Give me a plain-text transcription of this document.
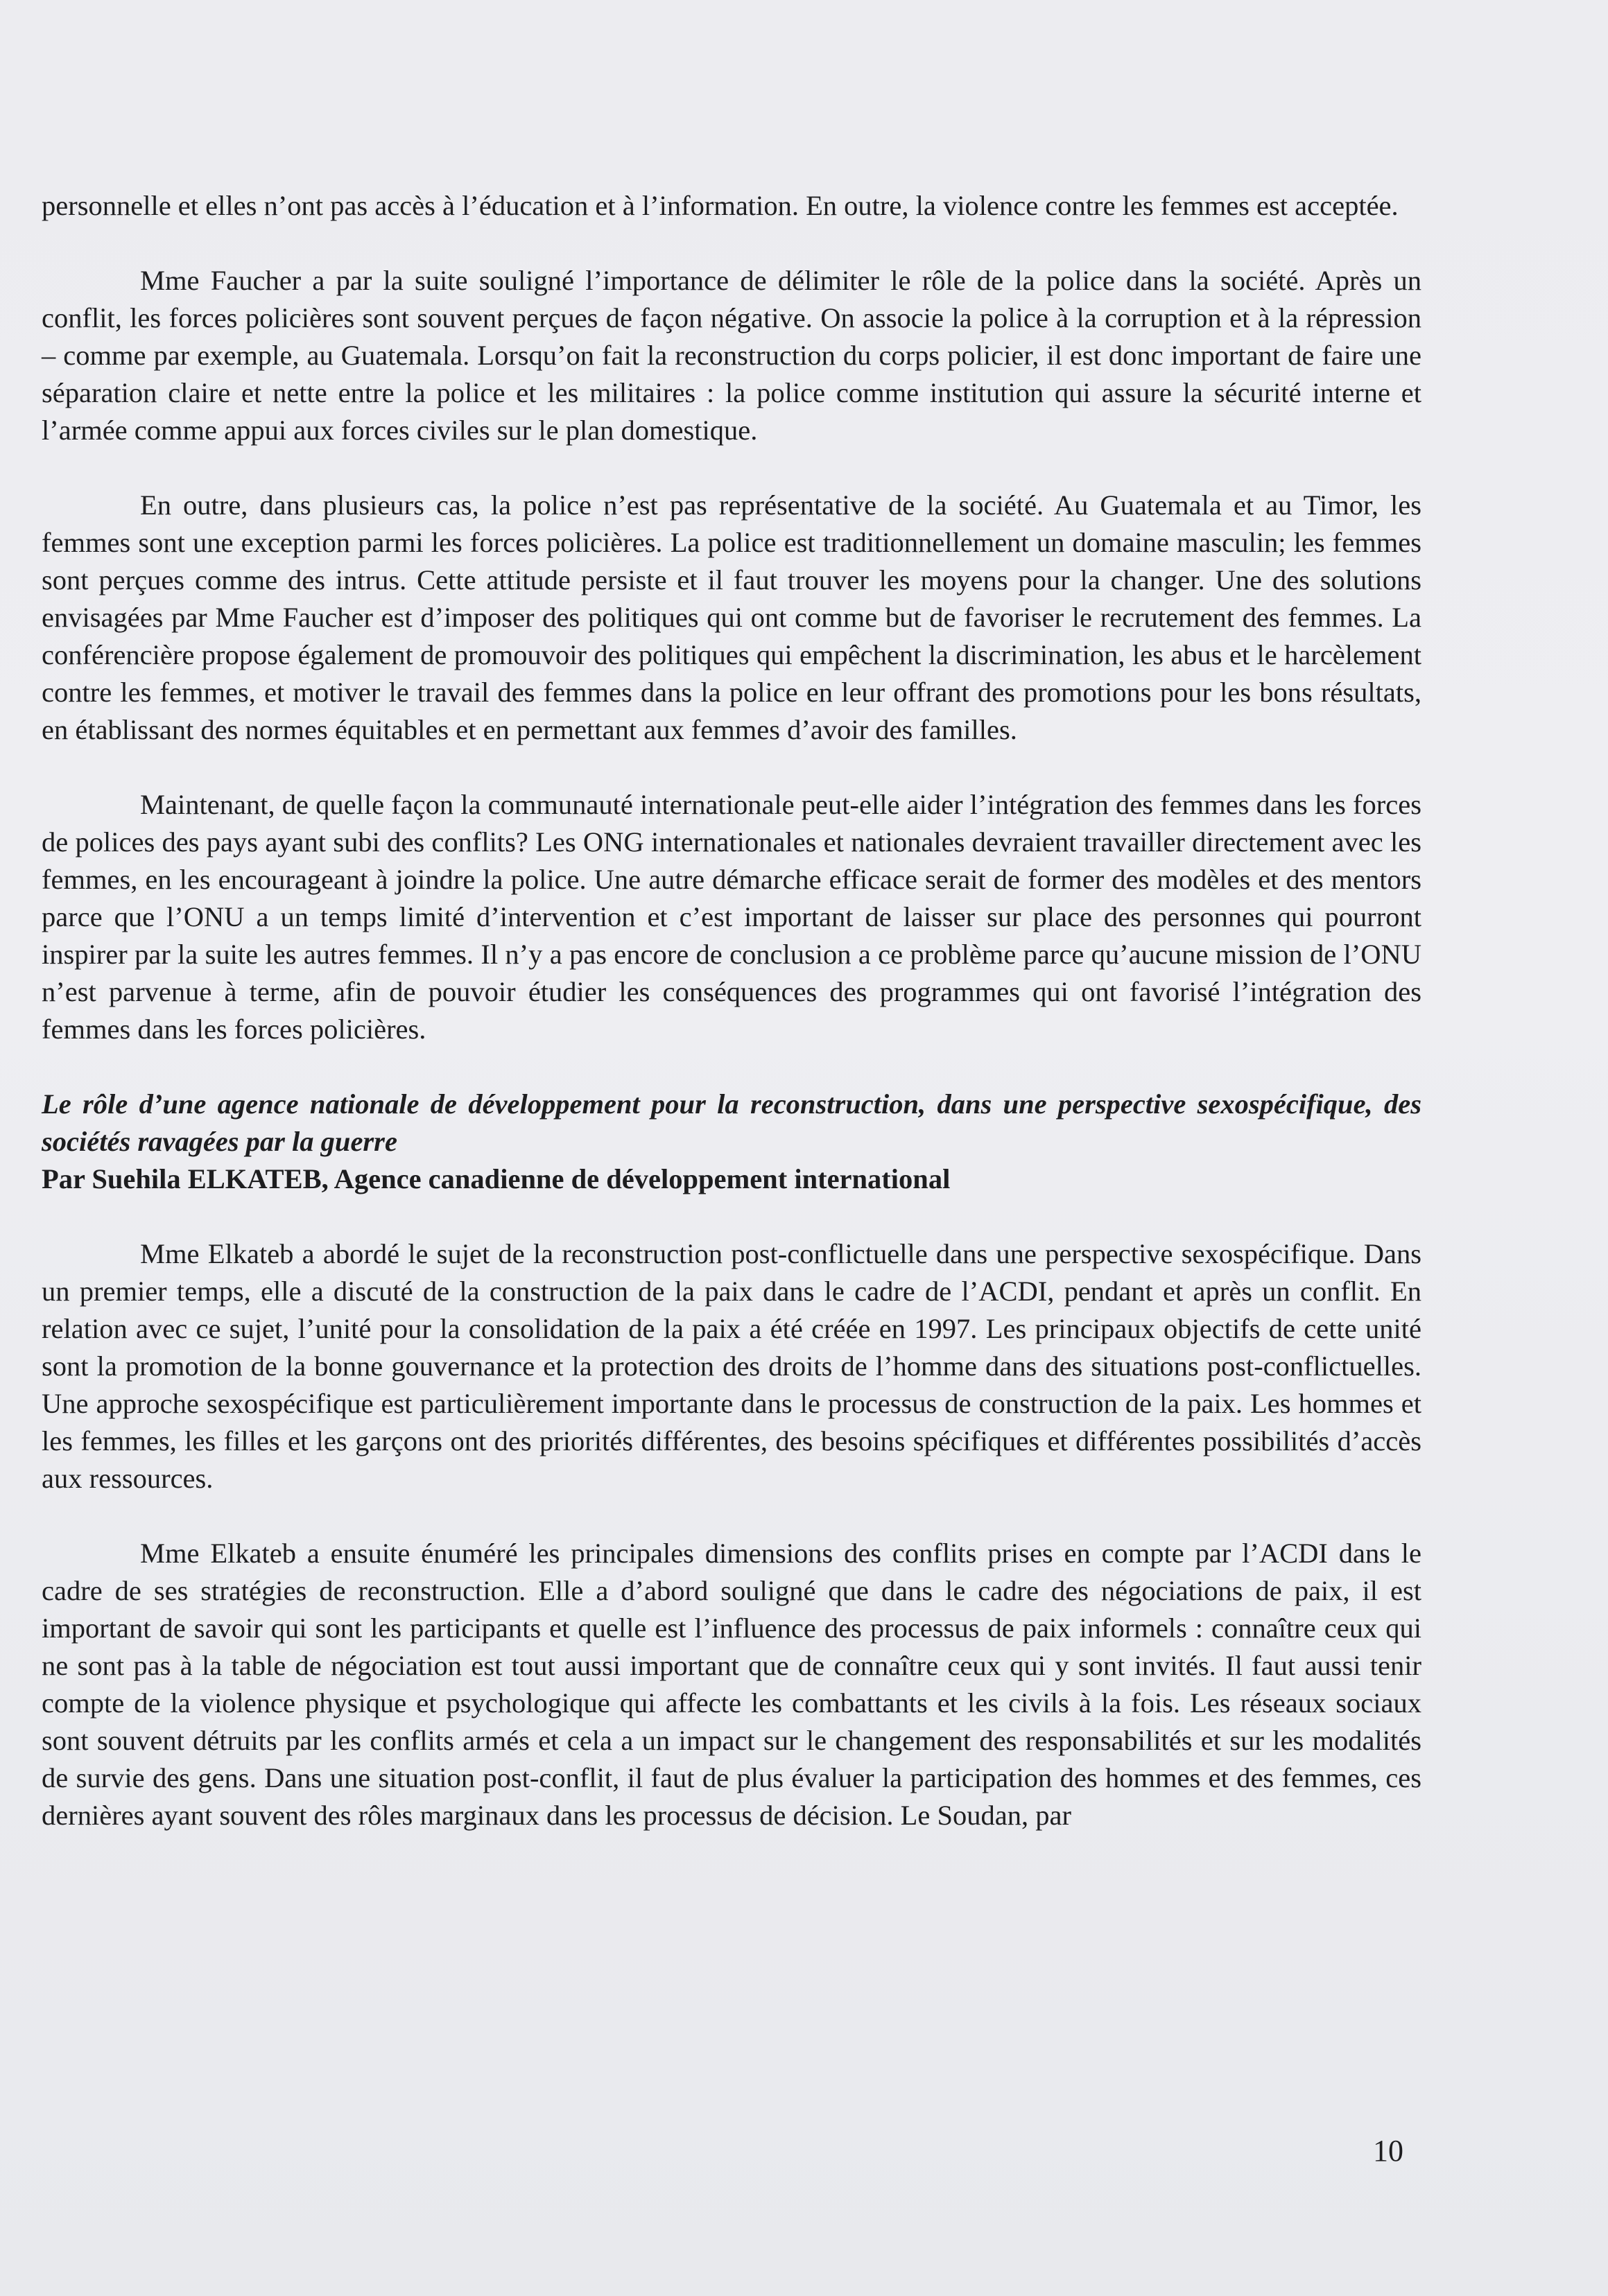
personnelle et elles n’ont pas accès à l’éducation et à l’information. En outre, la violence contre les femmes est acceptée.

Mme Faucher a par la suite souligné l’importance de délimiter le rôle de la police dans la société. Après un conflit, les forces policières sont souvent perçues de façon négative. On associe la police à la corruption et à la répression – comme par exemple, au Guatemala. Lorsqu’on fait la reconstruction du corps policier, il est donc important de faire une séparation claire et nette entre la police et les militaires : la police comme institution qui assure la sécurité interne et l’armée comme appui aux forces civiles sur le plan domestique.

En outre, dans plusieurs cas, la police n’est pas représentative de la société. Au Guatemala et au Timor, les femmes sont une exception parmi les forces policières. La police est traditionnellement un domaine masculin; les femmes sont perçues comme des intrus. Cette attitude persiste et il faut trouver les moyens pour la changer. Une des solutions envisagées par Mme Faucher est d’imposer des politiques qui ont comme but de favoriser le recrutement des femmes. La conférencière propose également de promouvoir des politiques qui empêchent la discrimination, les abus et le harcèlement contre les femmes, et motiver le travail des femmes dans la police en leur offrant des promotions pour les bons résultats, en établissant des normes équitables et en permettant aux femmes d’avoir des familles.

Maintenant, de quelle façon la communauté internationale peut-elle aider l’intégration des femmes dans les forces de polices des pays ayant subi des conflits? Les ONG internationales et nationales devraient travailler directement avec les femmes, en les encourageant à joindre la police. Une autre démarche efficace serait de former des modèles et des mentors parce que l’ONU a un temps limité d’intervention et c’est important de laisser sur place des personnes qui pourront inspirer par la suite les autres femmes. Il n’y a pas encore de conclusion a ce problème parce qu’aucune mission de l’ONU n’est parvenue à terme, afin de pouvoir étudier les conséquences des programmes qui ont favorisé l’intégration des femmes dans les forces policières.

Le rôle d’une agence nationale de développement pour la reconstruction, dans une perspective sexospécifique, des sociétés ravagées par la guerre

Par Suehila ELKATEB, Agence canadienne de développement international

Mme Elkateb a abordé le sujet de la reconstruction post-conflictuelle dans une perspective sexospécifique. Dans un premier temps, elle a discuté de la construction de la paix dans le cadre de l’ACDI, pendant et après un conflit. En relation avec ce sujet, l’unité pour la consolidation de la paix a été créée en 1997. Les principaux objectifs de cette unité sont la promotion de la bonne gouvernance et la protection des droits de l’homme dans des situations post-conflictuelles. Une approche sexospécifique est particulièrement importante dans le processus de construction de la paix. Les hommes et les femmes, les filles et les garçons ont des priorités différentes, des besoins spécifiques et différentes possibilités d’accès aux ressources.

Mme Elkateb a ensuite énuméré les principales dimensions des conflits prises en compte par l’ACDI dans le cadre de ses stratégies de reconstruction. Elle a d’abord souligné que dans le cadre des négociations de paix, il est important de savoir qui sont les participants et quelle est l’influence des processus de paix informels : connaître ceux qui ne sont pas à la table de négociation est tout aussi important que de connaître ceux qui y sont invités. Il faut aussi tenir compte de la violence physique et psychologique qui affecte les combattants et les civils à la fois. Les réseaux sociaux sont souvent détruits par les conflits armés et cela a un impact sur le changement des responsabilités et sur les modalités de survie des gens. Dans une situation post-conflit, il faut de plus évaluer la participation des hommes et des femmes, ces dernières ayant souvent des rôles marginaux dans les processus de décision. Le Soudan, par

10
